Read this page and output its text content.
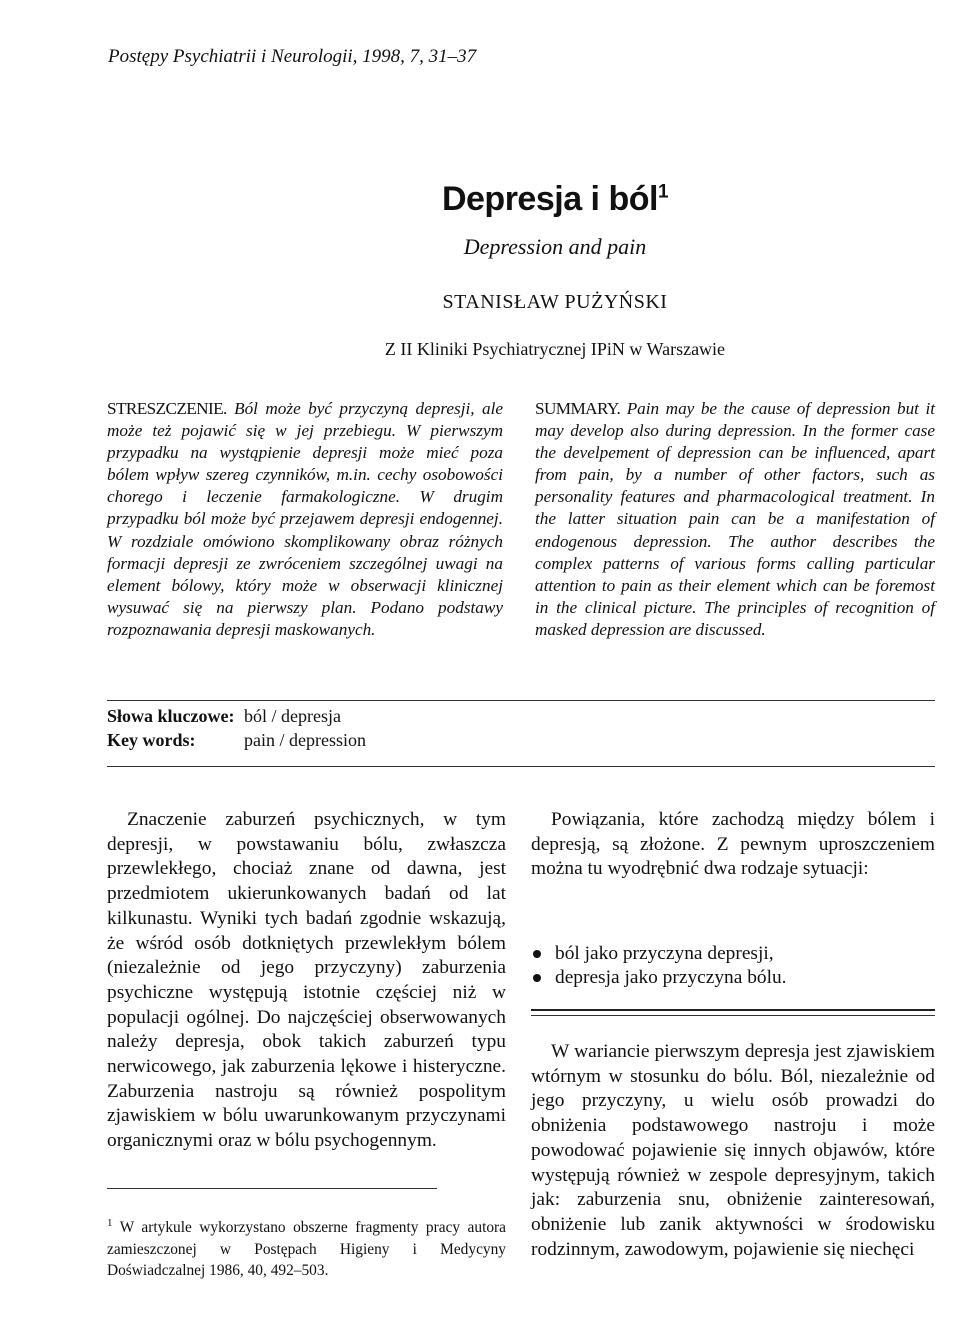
Postępy Psychiatrii i Neurologii, 1998, 7, 31–37
Depresja i ból$^1$
Depression and pain
STANISŁAW PUŻYŃSKI
Z II Kliniki Psychiatrycznej IPiN w Warszawie
STRESZCZENIE. Ból może być przyczyną depresji, ale może też pojawić się w jej przebiegu. W pierwszym przypadku na wystąpienie depresji może mieć poza bólem wpływ szereg czynników, m.in. cechy osobowości chorego i leczenie farmakologiczne. W drugim przypadku ból może być przejawem depresji endogennej. W rozdziale omówiono skomplikowany obraz różnych formacji depresji ze zwróceniem szczególnej uwagi na element bólowy, który może w obserwacji klinicznej wysuwać się na pierwszy plan. Podano podstawy rozpoznawania depresji maskowanych.
SUMMARY. Pain may be the cause of depression but it may develop also during depression. In the former case the develpement of depression can be influenced, apart from pain, by a number of other factors, such as personality features and pharmacological treatment. In the latter situation pain can be a manifestation of endogenous depression. The author describes the complex patterns of various forms calling particular attention to pain as their element which can be foremost in the clinical picture. The principles of recognition of masked depression are discussed.
Słowa kluczowe: ból / depresja
Key words:	pain / depression

Znaczenie zaburzeń psychicznych, w tym depresji, w powstawaniu bólu, zwłaszcza przewlekłego, chociaż znane od dawna, jest przedmiotem ukierunkowanych badań od lat kilkunastu. Wyniki tych badań zgodnie wskazują, że wśród osób dotkniętych przewlekłym bólem (niezależnie od jego przyczyny) zaburzenia psychiczne występują istotnie częściej niż w populacji ogólnej. Do najczęściej obserwowanych należy depresja, obok takich zaburzeń typu nerwicowego, jak zaburzenia lękowe i histeryczne. Zaburzenia nastroju są również pospolitym zjawiskiem w bólu uwarunkowanym przyczynami organicznymi oraz w bólu psychogennym.

Powiązania, które zachodzą między bólem i depresją, są złożone. Z pewnym uproszczeniem można tu wyodrębnić dwa rodzaje sytuacji:

ból jako przyczyna depresji,
depresja jako przyczyna bólu.

W wariancie pierwszym depresja jest zjawiskiem wtórnym w stosunku do bólu. Ból, niezależnie od jego przyczyny, u wielu osób prowadzi do obniżenia podstawowego nastroju i może powodować pojawienie się innych objawów, które występują również w zespole depresyjnym, takich jak: zaburzenia snu, obniżenie zainteresowań, obniżenie lub zanik aktywności w środowisku rodzinnym, zawodowym, pojawienie się niechęci

$^1$ W artykule wykorzystano obszerne fragmenty pracy autora zamieszczonej w Postępach Higieny i Medycyny Doświadczalnej 1986, 40, 492–503.
